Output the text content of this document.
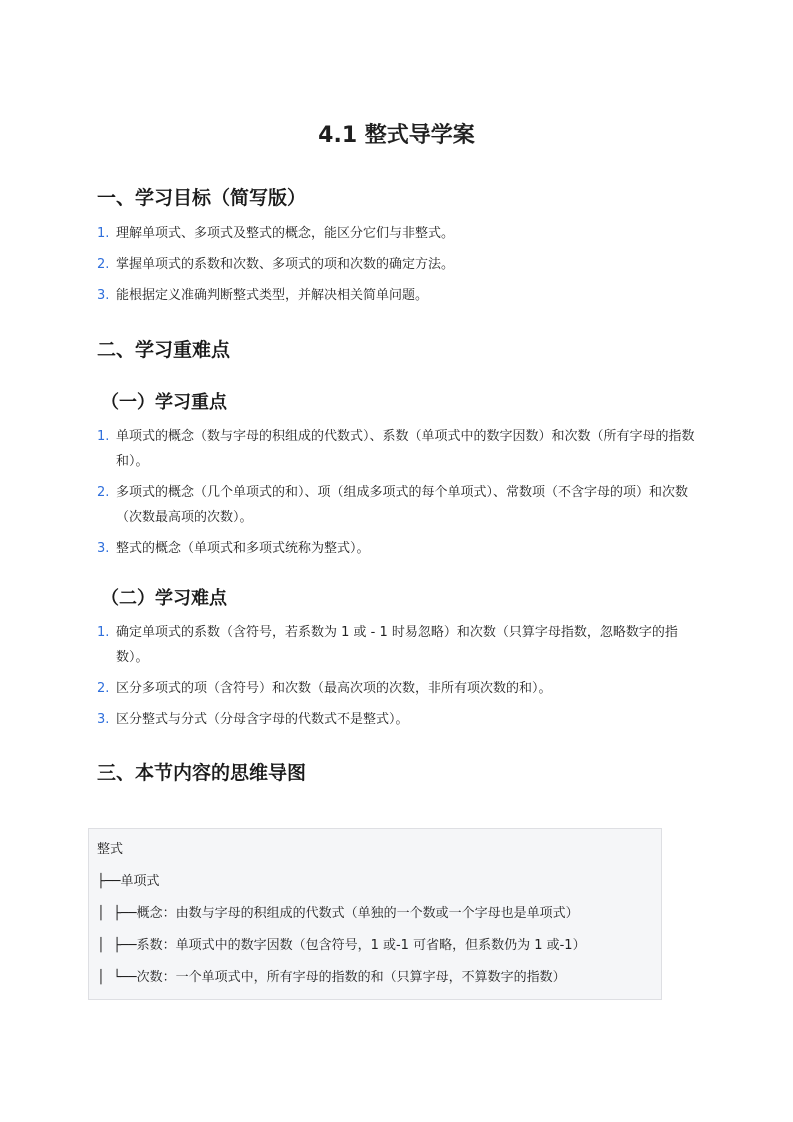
4.1 整式导学案
一、学习目标（简写版）
1. 理解单项式、多项式及整式的概念，能区分它们与非整式。
2. 掌握单项式的系数和次数、多项式的项和次数的确定方法。
3. 能根据定义准确判断整式类型，并解决相关简单问题。
二、学习重难点
（一）学习重点
1. 单项式的概念（数与字母的积组成的代数式）、系数（单项式中的数字因数）和次数（所有字母的指数和）。
2. 多项式的概念（几个单项式的和）、项（组成多项式的每个单项式）、常数项（不含字母的项）和次数（次数最高项的次数）。
3. 整式的概念（单项式和多项式统称为整式）。
（二）学习难点
1. 确定单项式的系数（含符号，若系数为 1 或 - 1 时易忽略）和次数（只算字母指数，忽略数字的指数）。
2. 区分多项式的项（含符号）和次数（最高次项的次数，非所有项次数的和）。
3. 区分整式与分式（分母含字母的代数式不是整式）。
三、本节内容的思维导图
整式
├──单项式
│  ├──概念：由数与字母的积组成的代数式（单独的一个数或一个字母也是单项式）
│  ├──系数：单项式中的数字因数（包含符号，1 或-1 可省略，但系数仍为 1 或-1）
│  └──次数：一个单项式中，所有字母的指数的和（只算字母，不算数字的指数）
